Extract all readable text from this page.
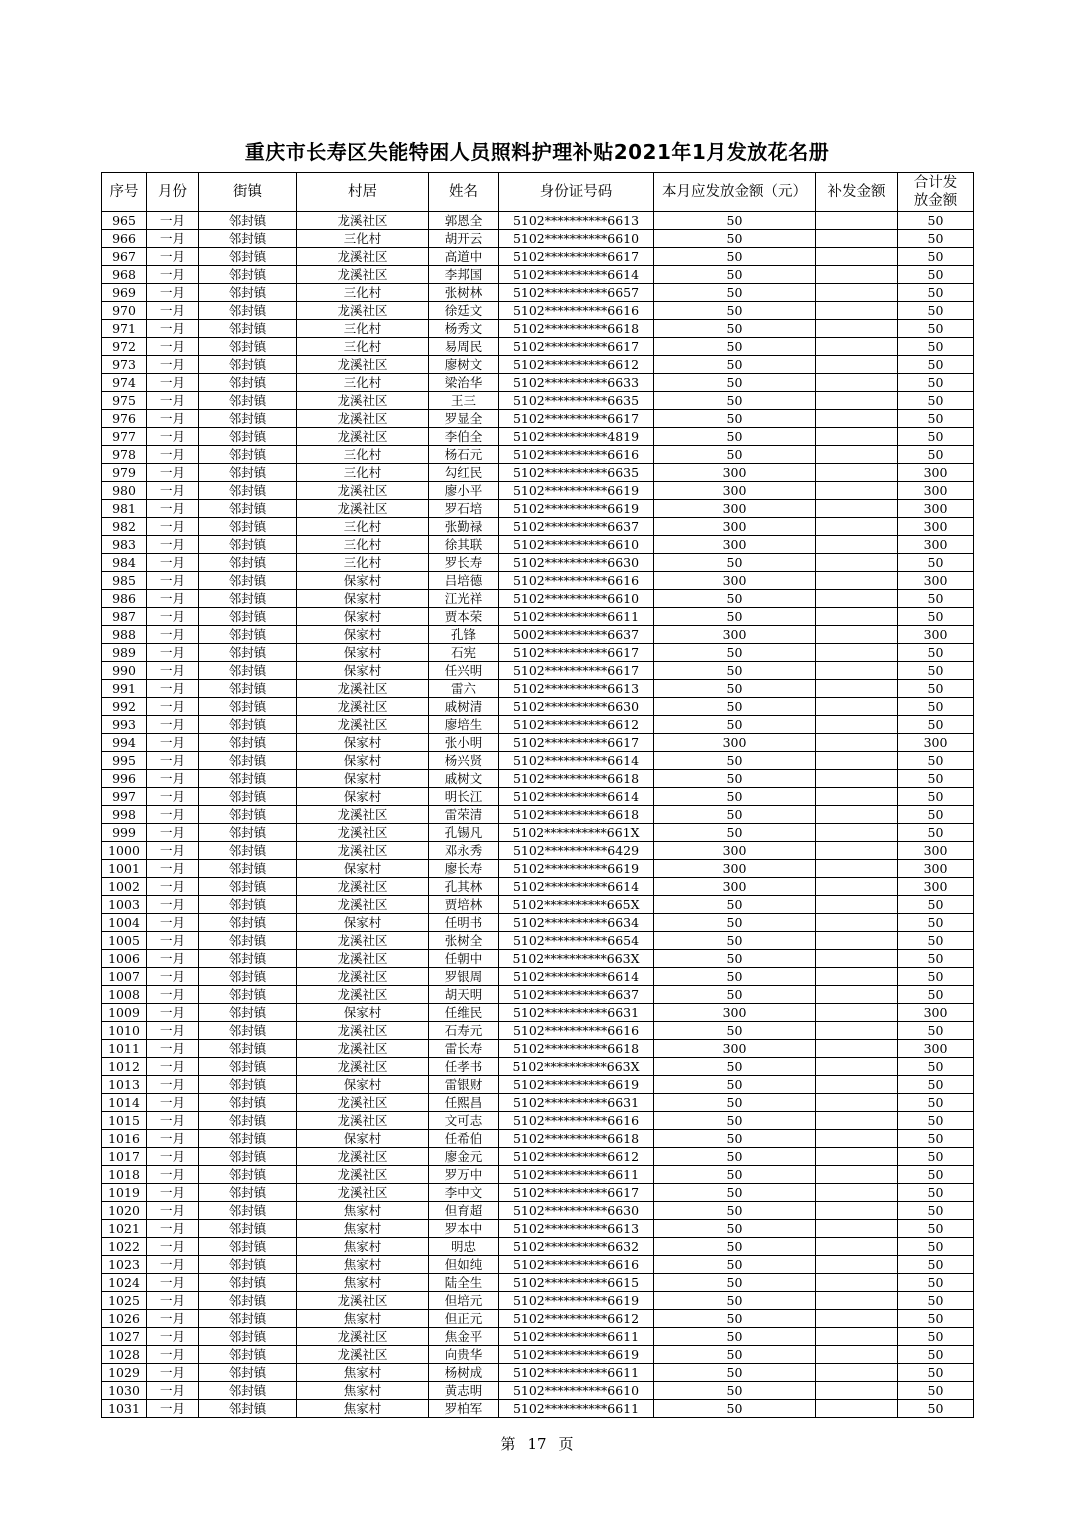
重庆市长寿区失能特困人员照料护理补贴2021年1月发放花名册
序号	月份	街镇	村居	姓名	身份证号码	本月应发放金额（元）	补发金额	合计发放金额
965	一月	邻封镇	龙溪社区	郭恩全	5102**********6613	50		50
966	一月	邻封镇	三化村	胡开云	5102**********6610	50		50
967	一月	邻封镇	龙溪社区	高道中	5102**********6617	50		50
968	一月	邻封镇	龙溪社区	李邦国	5102**********6614	50		50
969	一月	邻封镇	三化村	张树林	5102**********6657	50		50
970	一月	邻封镇	龙溪社区	徐廷文	5102**********6616	50		50
971	一月	邻封镇	三化村	杨秀文	5102**********6618	50		50
972	一月	邻封镇	三化村	易周民	5102**********6617	50		50
973	一月	邻封镇	龙溪社区	廖树文	5102**********6612	50		50
974	一月	邻封镇	三化村	梁治华	5102**********6633	50		50
975	一月	邻封镇	龙溪社区	王三	5102**********6635	50		50
976	一月	邻封镇	龙溪社区	罗显全	5102**********6617	50		50
977	一月	邻封镇	龙溪社区	李伯全	5102**********4819	50		50
978	一月	邻封镇	三化村	杨石元	5102**********6616	50		50
979	一月	邻封镇	三化村	勾红民	5102**********6635	300		300
980	一月	邻封镇	龙溪社区	廖小平	5102**********6619	300		300
981	一月	邻封镇	龙溪社区	罗石培	5102**********6619	300		300
982	一月	邻封镇	三化村	张勤禄	5102**********6637	300		300
983	一月	邻封镇	三化村	徐其联	5102**********6610	300		300
984	一月	邻封镇	三化村	罗长寿	5102**********6630	50		50
985	一月	邻封镇	保家村	吕培德	5102**********6616	300		300
986	一月	邻封镇	保家村	江光祥	5102**********6610	50		50
987	一月	邻封镇	保家村	贾本荣	5102**********6611	50		50
988	一月	邻封镇	保家村	孔锋	5002**********6637	300		300
989	一月	邻封镇	保家村	石宪	5102**********6617	50		50
990	一月	邻封镇	保家村	任兴明	5102**********6617	50		50
991	一月	邻封镇	龙溪社区	雷六	5102**********6613	50		50
992	一月	邻封镇	龙溪社区	戚树清	5102**********6630	50		50
993	一月	邻封镇	龙溪社区	廖培生	5102**********6612	50		50
994	一月	邻封镇	保家村	张小明	5102**********6617	300		300
995	一月	邻封镇	保家村	杨兴贤	5102**********6614	50		50
996	一月	邻封镇	保家村	戚树文	5102**********6618	50		50
997	一月	邻封镇	保家村	明长江	5102**********6614	50		50
998	一月	邻封镇	龙溪社区	雷荣清	5102**********6618	50		50
999	一月	邻封镇	龙溪社区	孔锡凡	5102**********661X	50		50
1000	一月	邻封镇	龙溪社区	邓永秀	5102**********6429	300		300
1001	一月	邻封镇	保家村	廖长寿	5102**********6619	300		300
1002	一月	邻封镇	龙溪社区	孔其林	5102**********6614	300		300
1003	一月	邻封镇	龙溪社区	贾培林	5102**********665X	50		50
1004	一月	邻封镇	保家村	任明书	5102**********6634	50		50
1005	一月	邻封镇	龙溪社区	张树全	5102**********6654	50		50
1006	一月	邻封镇	龙溪社区	任朝中	5102**********663X	50		50
1007	一月	邻封镇	龙溪社区	罗银周	5102**********6614	50		50
1008	一月	邻封镇	龙溪社区	胡天明	5102**********6637	50		50
1009	一月	邻封镇	保家村	任维民	5102**********6631	300		300
1010	一月	邻封镇	龙溪社区	石寿元	5102**********6616	50		50
1011	一月	邻封镇	龙溪社区	雷长寿	5102**********6618	300		300
1012	一月	邻封镇	龙溪社区	任孝书	5102**********663X	50		50
1013	一月	邻封镇	保家村	雷银财	5102**********6619	50		50
1014	一月	邻封镇	龙溪社区	任熙昌	5102**********6631	50		50
1015	一月	邻封镇	龙溪社区	文可志	5102**********6616	50		50
1016	一月	邻封镇	保家村	任希伯	5102**********6618	50		50
1017	一月	邻封镇	龙溪社区	廖金元	5102**********6612	50		50
1018	一月	邻封镇	龙溪社区	罗万中	5102**********6611	50		50
1019	一月	邻封镇	龙溪社区	李中文	5102**********6617	50		50
1020	一月	邻封镇	焦家村	但育超	5102**********6630	50		50
1021	一月	邻封镇	焦家村	罗本中	5102**********6613	50		50
1022	一月	邻封镇	焦家村	明忠	5102**********6632	50		50
1023	一月	邻封镇	焦家村	但如纯	5102**********6616	50		50
1024	一月	邻封镇	焦家村	陆全生	5102**********6615	50		50
1025	一月	邻封镇	龙溪社区	但培元	5102**********6619	50		50
1026	一月	邻封镇	焦家村	但正元	5102**********6612	50		50
1027	一月	邻封镇	龙溪社区	焦金平	5102**********6611	50		50
1028	一月	邻封镇	龙溪社区	向贵华	5102**********6619	50		50
1029	一月	邻封镇	焦家村	杨树成	5102**********6611	50		50
1030	一月	邻封镇	焦家村	黄志明	5102**********6610	50		50
1031	一月	邻封镇	焦家村	罗柏军	5102**********6611	50		50
第 17 页
